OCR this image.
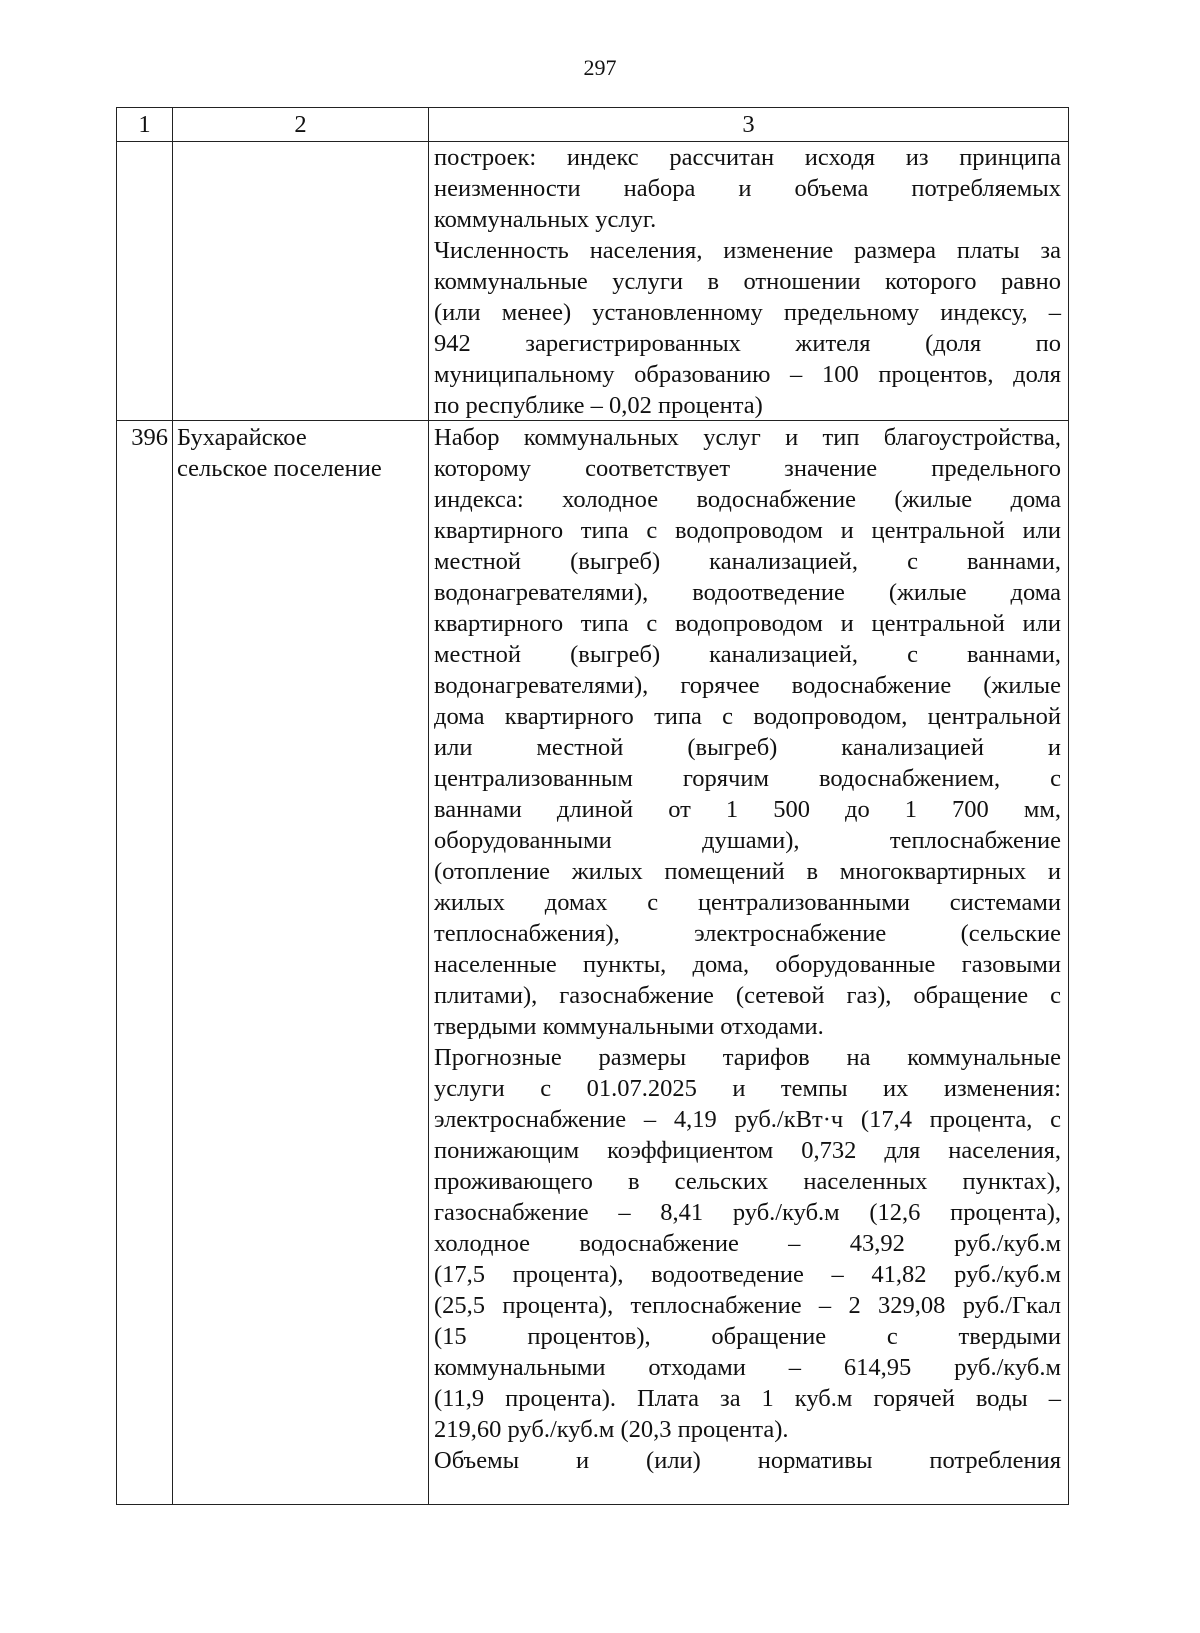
297
1	2	3

построек: индекс рассчитан исходя из принципа

неизменности набора и объема потребляемых

коммунальных услуг.

Численность населения, изменение размера платы за

коммунальные услуги в отношении которого равно

(или менее) установленному предельному индексу, –

942 зарегистрированных жителя (доля по

муниципальному образованию – 100 процентов, доля

по республике – 0,02 процента)

396 Бухарайское
сельское поселение

Набор коммунальных услуг и тип благоустройства,

которому соответствует значение предельного

индекса: холодное водоснабжение (жилые дома

квартирного типа с водопроводом и центральной или

местной (выгреб) канализацией, с ваннами,

водонагревателями), водоотведение (жилые дома

квартирного типа с водопроводом и центральной или

местной (выгреб) канализацией, с ваннами,

водонагревателями), горячее водоснабжение (жилые

дома квартирного типа с водопроводом, центральной

или местной (выгреб) канализацией и

централизованным горячим водоснабжением, с

ваннами длиной от 1 500 до 1 700 мм,

оборудованными душами), теплоснабжение

(отопление жилых помещений в многоквартирных и

жилых домах с централизованными системами

теплоснабжения), электроснабжение (сельские

населенные пункты, дома, оборудованные газовыми

плитами), газоснабжение (сетевой газ), обращение с

твердыми коммунальными отходами.

Прогнозные размеры тарифов на коммунальные

услуги с 01.07.2025 и темпы их изменения:

электроснабжение – 4,19 руб./кВт·ч (17,4 процента, с

понижающим коэффициентом 0,732 для населения,

проживающего в сельских населенных пунктах),

газоснабжение – 8,41 руб./куб.м (12,6 процента),

холодное водоснабжение – 43,92 руб./куб.м

(17,5 процента), водоотведение – 41,82 руб./куб.м

(25,5 процента), теплоснабжение – 2 329,08 руб./Гкал

(15 процентов), обращение с твердыми

коммунальными отходами – 614,95 руб./куб.м

(11,9 процента). Плата за 1 куб.м горячей воды –

219,60 руб./куб.м (20,3 процента).

Объемы и (или) нормативы потребления
